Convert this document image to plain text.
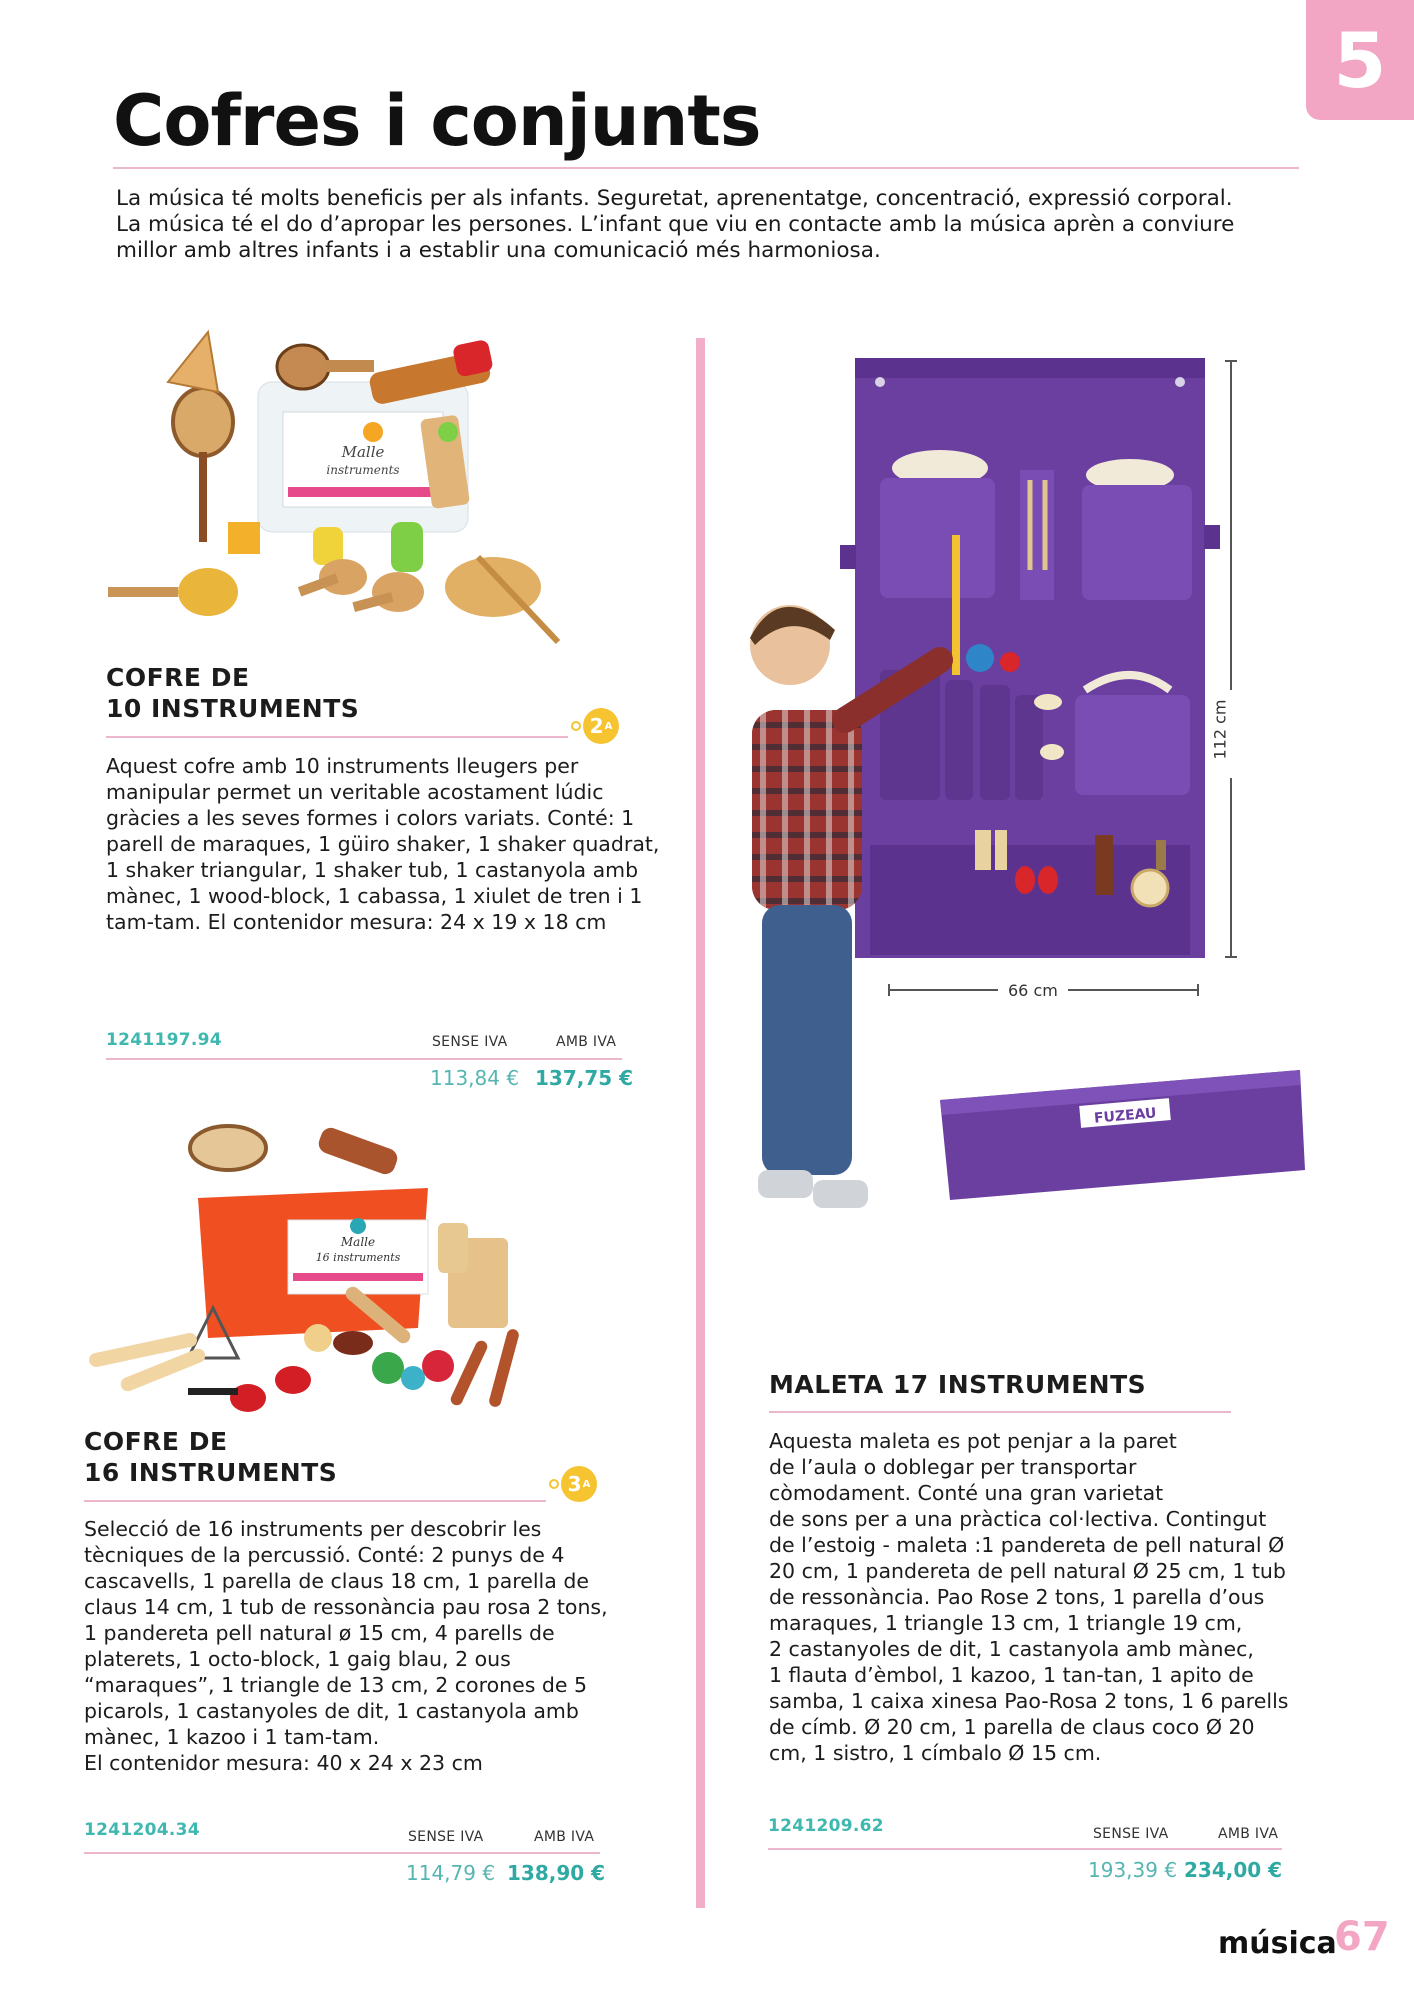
5
Cofres i conjunts
La música té molts beneficis per als infants. Seguretat, aprenentatge, concentració, expressió corporal.
La música té el do d’apropar les persones. L’infant que viu en contacte amb la música aprèn a conviure
millor amb altres infants i a establir una comunicació més harmoniosa.
Malle
instruments
COFRE DE
10 INSTRUMENTS
2 A
Aquest cofre amb 10 instruments lleugers per
manipular permet un veritable acostament lúdic
gràcies a les seves formes i colors variats. Conté: 1
parell de maraques, 1 güiro shaker, 1 shaker quadrat,
1 shaker triangular, 1 shaker tub, 1 castanyola amb
mànec, 1 wood-block, 1 cabassa, 1 xiulet de tren i 1
tam-tam. El contenidor mesura: 24 x 19 x 18 cm
1241197.94	SENSE IVA	AMB IVA
113,84 € 137,75 €
Malle
16 instruments
COFRE DE
16 INSTRUMENTS	3 A
Selecció de 16 instruments per descobrir les
tècniques de la percussió. Conté: 2 punys de 4
cascavells, 1 parella de claus 18 cm, 1 parella de
claus 14 cm, 1 tub de ressonància pau rosa 2 tons,
1 pandereta pell natural ø 15 cm, 4 parells de
platerets, 1 octo-block, 1 gaig blau, 2 ous
“maraques”, 1 triangle de 13 cm, 2 corones de 5
picarols, 1 castanyoles de dit, 1 castanyola amb
mànec, 1 kazoo i 1 tam-tam.
El contenidor mesura: 40 x 24 x 23 cm
1241204.34	SENSE IVA	AMB IVA
114,79 € 138,90 €
FUZEAU
112 cm
66 cm
MALETA 17 INSTRUMENTS
Aquesta maleta es pot penjar a la paret
de l’aula o doblegar per transportar
còmodament. Conté una gran varietat
de sons per a una pràctica col·lectiva. Contingut
de l’estoig - maleta :1 pandereta de pell natural Ø
20 cm, 1 pandereta de pell natural Ø 25 cm, 1 tub
de ressonància. Pao Rose 2 tons, 1 parella d’ous
maraques, 1 triangle 13 cm, 1 triangle 19 cm,
2 castanyoles de dit, 1 castanyola amb mànec,
1 flauta d’èmbol, 1 kazoo, 1 tan-tan, 1 apito de
samba, 1 caixa xinesa Pao-Rosa 2 tons, 1 6 parells
de címb. Ø 20 cm, 1 parella de claus coco Ø 20
cm, 1 sistro, 1 címbalo Ø 15 cm.
1241209.62	SENSE IVA	AMB IVA
193,39 € 234,00 €
música
67
